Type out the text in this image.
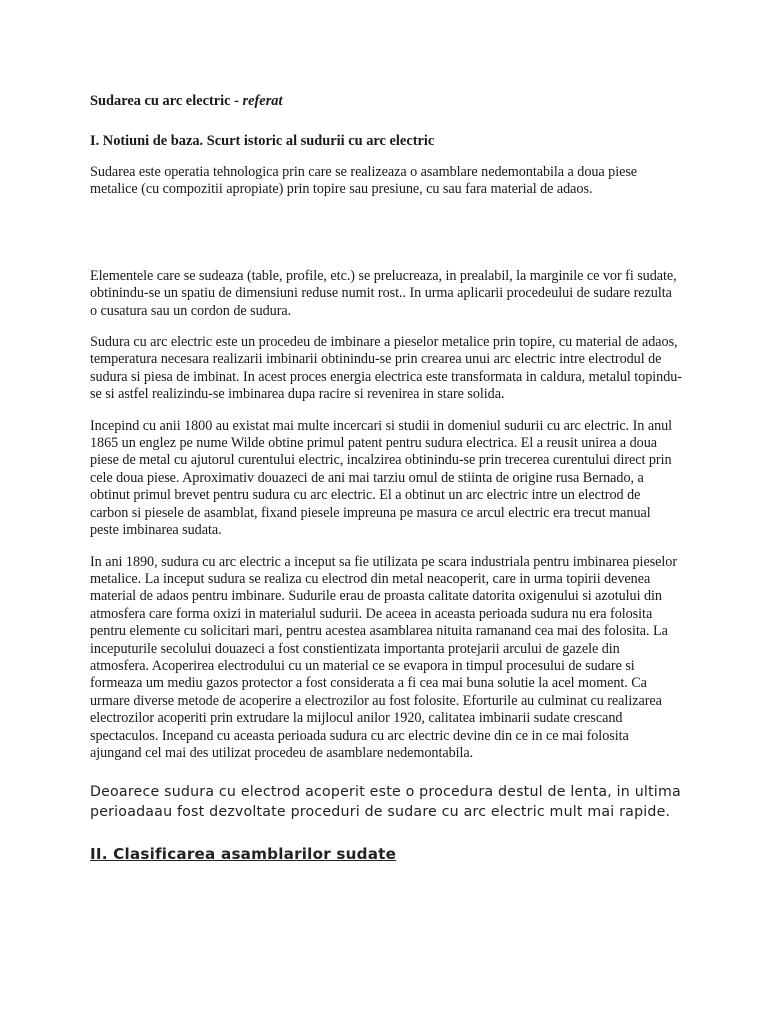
Sudarea cu arc electric - referat

I. Notiuni de baza. Scurt istoric al sudurii cu arc electric

Sudarea este operatia tehnologica prin care se realizeaza o asamblare nedemontabila a doua piese metalice (cu compozitii apropiate) prin topire sau presiune, cu sau fara material de adaos.

Elementele care se sudeaza (table, profile, etc.) se prelucreaza, in prealabil, la marginile ce vor fi sudate, obtinindu-se un spatiu de dimensiuni reduse numit rost.. In urma aplicarii procedeului de sudare rezulta o cusatura sau un cordon de sudura.

Sudura cu arc electric este un procedeu de imbinare a pieselor metalice prin topire, cu material de adaos, temperatura necesara realizarii imbinarii obtinindu-se prin crearea unui arc electric intre electrodul de sudura si piesa de imbinat. In acest proces energia electrica este transformata in caldura, metalul topindu-se si astfel realizindu-se imbinarea dupa racire si revenirea in stare solida.

Incepind cu anii 1800 au existat mai multe incercari si studii in domeniul sudurii cu arc electric. In anul 1865 un englez pe nume Wilde obtine primul patent pentru sudura electrica. El a reusit unirea a doua piese de metal cu ajutorul curentului electric, incalzirea obtinindu-se prin trecerea curentului direct prin cele doua piese. Aproximativ douazeci de ani mai tarziu omul de stiinta de origine rusa Bernado, a obtinut primul brevet pentru sudura cu arc electric. El a obtinut un arc electric intre un electrod de carbon si piesele de asamblat, fixand piesele impreuna pe masura ce arcul electric era trecut manual peste imbinarea sudata.

In ani 1890, sudura cu arc electric a inceput sa fie utilizata pe scara industriala pentru imbinarea pieselor metalice. La inceput sudura se realiza cu electrod din metal neacoperit, care in urma topirii devenea material de adaos pentru imbinare. Sudurile erau de proasta calitate datorita oxigenului si azotului din atmosfera care forma oxizi in materialul sudurii. De aceea in aceasta perioada sudura nu era folosita pentru elemente cu solicitari mari, pentru acestea asamblarea nituita ramanand cea mai des folosita. La inceputurile secolului douazeci a fost constientizata importanta protejarii arcului de gazele din atmosfera. Acoperirea electrodului cu un material ce se evapora in timpul procesului de sudare si formeaza um mediu gazos protector a fost considerata a fi cea mai buna solutie la acel moment. Ca urmare diverse metode de acoperire a electrozilor au fost folosite. Eforturile au culminat cu realizarea electrozilor acoperiti prin extrudare la mijlocul anilor 1920, calitatea imbinarii sudate crescand spectaculos. Incepand cu aceasta perioada sudura cu arc electric devine din ce in ce mai folosita ajungand cel mai des utilizat procedeu de asamblare nedemontabila.

Deoarece sudura cu electrod acoperit este o procedura destul de lenta, in ultima perioadaau fost dezvoltate proceduri de sudare cu arc electric mult mai rapide.

II. Clasificarea asamblarilor sudate
